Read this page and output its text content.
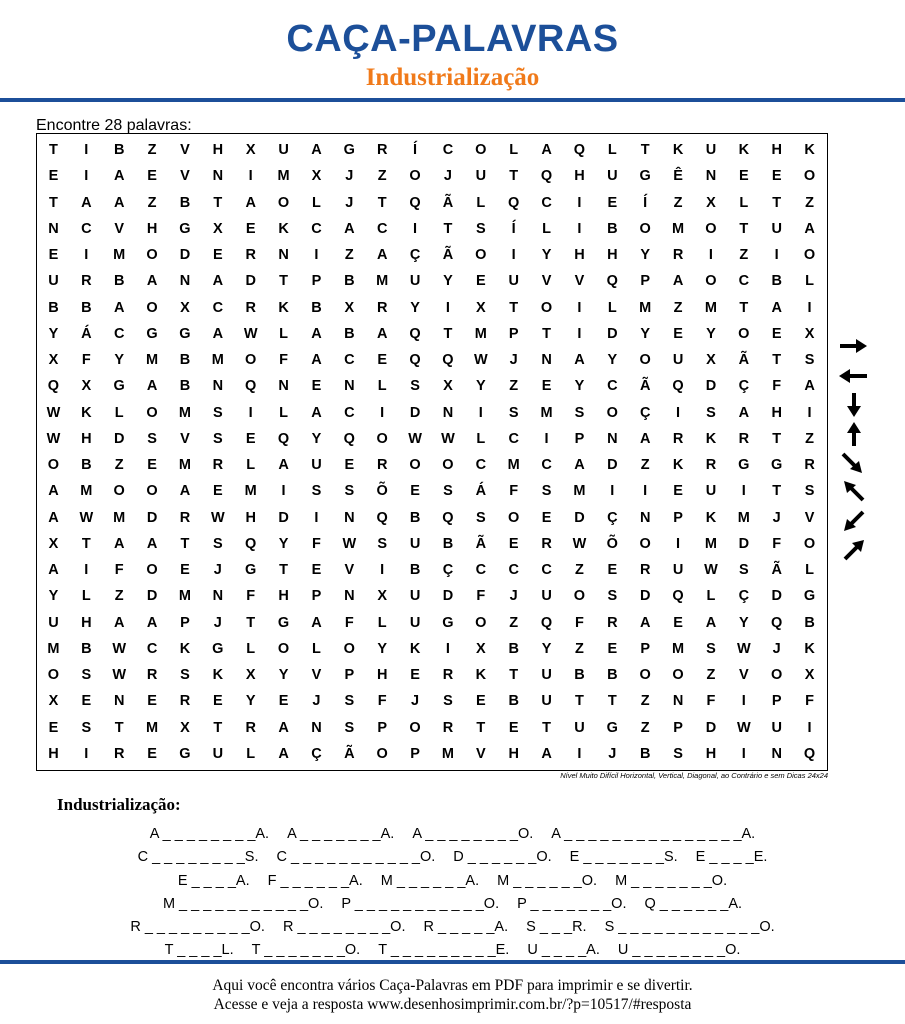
CAÇA-PALAVRAS
Industrialização
Encontre 28 palavras:
T	I	B	Z	V	H	X	U	A	G	R	Í	C	O	L	A	Q	L	T	K	U	K	H	K
E	I	A	E	V	N	I	M	X	J	Z	O	J	U	T	Q	H	U	G	Ê	N	E	E	O
T	A	A	Z	B	T	A	O	L	J	T	Q	Ã	L	Q	C	I	E	Í	Z	X	L	T	Z
N	C	V	H	G	X	E	K	C	A	C	I	T	S	Í	L	I	B	O	M	O	T	U	A
E	I	M	O	D	E	R	N	I	Z	A	Ç	Ã	O	I	Y	H	H	Y	R	I	Z	I	O
U	R	B	A	N	A	D	T	P	B	M	U	Y	E	U	V	V	Q	P	A	O	C	B	L
B	B	A	O	X	C	R	K	B	X	R	Y	I	X	T	O	I	L	M	Z	M	T	A	I
Y	Á	C	G	G	A	W	L	A	B	A	Q	T	M	P	T	I	D	Y	E	Y	O	E	X
X	F	Y	M	B	M	O	F	A	C	E	Q	Q	W	J	N	A	Y	O	U	X	Ã	T	S
Q	X	G	A	B	N	Q	N	E	N	L	S	X	Y	Z	E	Y	C	Ã	Q	D	Ç	F	A
W	K	L	O	M	S	I	L	A	C	I	D	N	I	S	M	S	O	Ç	I	S	A	H	I
W	H	D	S	V	S	E	Q	Y	Q	O	W	W	L	C	I	P	N	A	R	K	R	T	Z
O	B	Z	E	M	R	L	A	U	E	R	O	O	C	M	C	A	D	Z	K	R	G	G	R
A	M	O	O	A	E	M	I	S	S	Õ	E	S	Á	F	S	M	I	I	E	U	I	T	S
A	W	M	D	R	W	H	D	I	N	Q	B	Q	S	O	E	D	Ç	N	P	K	M	J	V
X	T	A	A	T	S	Q	Y	F	W	S	U	B	Ã	E	R	W	Õ	O	I	M	D	F	O
A	I	F	O	E	J	G	T	E	V	I	B	Ç	C	C	C	Z	E	R	U	W	S	Ã	L
Y	L	Z	D	M	N	F	H	P	N	X	U	D	F	J	U	O	S	D	Q	L	Ç	D	G
U	H	A	A	P	J	T	G	A	F	L	U	G	O	Z	Q	F	R	A	E	A	Y	Q	B
M	B	W	C	K	G	L	O	L	O	Y	K	I	X	B	Y	Z	E	P	M	S	W	J	K
O	S	W	R	S	K	X	Y	V	P	H	E	R	K	T	U	B	B	O	O	Z	V	O	X
X	E	N	E	R	E	Y	E	J	S	F	J	S	E	B	U	T	T	Z	N	F	I	P	F
E	S	T	M	X	T	R	A	N	S	P	O	R	T	E	T	U	G	Z	P	D	W	U	I
H	I	R	E	G	U	L	A	Ç	Ã	O	P	M	V	H	A	I	J	B	S	H	I	N	Q
Nível Muito Difícil Horizontal, Vertical, Diagonal, ao Contrário e sem Dicas 24x24
Industrialização:
A _ _ _ _ _ _ _ _A. A _ _ _ _ _ _ _A. A _ _ _ _ _ _ _ _O. A _ _ _ _ _ _ _ _ _ _ _ _ _ _ _A.
C _ _ _ _ _ _ _ _S. C _ _ _ _ _ _ _ _ _ _ _O. D _ _ _ _ _ _O. E _ _ _ _ _ _ _S. E _ _ _ _E.
E _ _ _ _A. F _ _ _ _ _ _A. M _ _ _ _ _ _A. M _ _ _ _ _ _O. M _ _ _ _ _ _ _O.
M _ _ _ _ _ _ _ _ _ _ _O. P _ _ _ _ _ _ _ _ _ _ _O. P _ _ _ _ _ _ _O. Q _ _ _ _ _ _A.
R _ _ _ _ _ _ _ _ _O. R _ _ _ _ _ _ _ _O. R _ _ _ _ _A. S _ _ _R. S _ _ _ _ _ _ _ _ _ _ _ _O.
T _ _ _ _L. T _ _ _ _ _ _ _O. T _ _ _ _ _ _ _ _ _E. U _ _ _ _A. U _ _ _ _ _ _ _ _O.
Aqui você encontra vários Caça-Palavras em PDF para imprimir e se divertir.
Acesse e veja a resposta www.desenhosimprimir.com.br/?p=10517/#resposta
